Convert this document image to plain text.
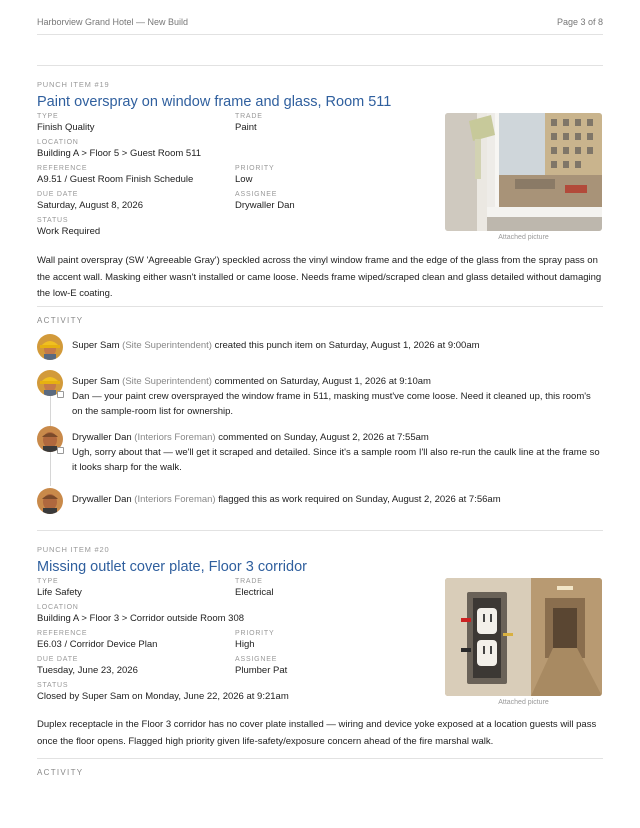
Harborview Grand Hotel — New Build	Page 3 of 8
PUNCH ITEM #19
Paint overspray on window frame and glass, Room 511
TYPE
Finish Quality
TRADE
Paint
LOCATION
Building A > Floor 5 > Guest Room 511
REFERENCE
A9.51 / Guest Room Finish Schedule
PRIORITY
Low
DUE DATE
Saturday, August 8, 2026
ASSIGNEE
Drywaller Dan
STATUS
Work Required
Attached picture
Wall paint overspray (SW 'Agreeable Gray') speckled across the vinyl window frame and the edge of the glass from the spray pass on the accent wall. Masking either wasn't installed or came loose. Needs frame wiped/scraped clean and glass detailed without damaging the low-E coating.
ACTIVITY
Super Sam (Site Superintendent) created this punch item on Saturday, August 1, 2026 at 9:00am
Super Sam (Site Superintendent) commented on Saturday, August 1, 2026 at 9:10am
Dan — your paint crew oversprayed the window frame in 511, masking must've come loose. Need it cleaned up, this room's on the sample-room list for ownership.
Drywaller Dan (Interiors Foreman) commented on Sunday, August 2, 2026 at 7:55am
Ugh, sorry about that — we'll get it scraped and detailed. Since it's a sample room I'll also re-run the caulk line at the frame so it looks sharp for the walk.
Drywaller Dan (Interiors Foreman) flagged this as work required on Sunday, August 2, 2026 at 7:56am
PUNCH ITEM #20
Missing outlet cover plate, Floor 3 corridor
TYPE
Life Safety
TRADE
Electrical
LOCATION
Building A > Floor 3 > Corridor outside Room 308
REFERENCE
E6.03 / Corridor Device Plan
PRIORITY
High
DUE DATE
Tuesday, June 23, 2026
ASSIGNEE
Plumber Pat
STATUS
Closed by Super Sam on Monday, June 22, 2026 at 9:21am
Attached picture
Duplex receptacle in the Floor 3 corridor has no cover plate installed — wiring and device yoke exposed at a location guests will pass once the floor opens. Flagged high priority given life-safety/exposure concern ahead of the fire marshal walk.
ACTIVITY
